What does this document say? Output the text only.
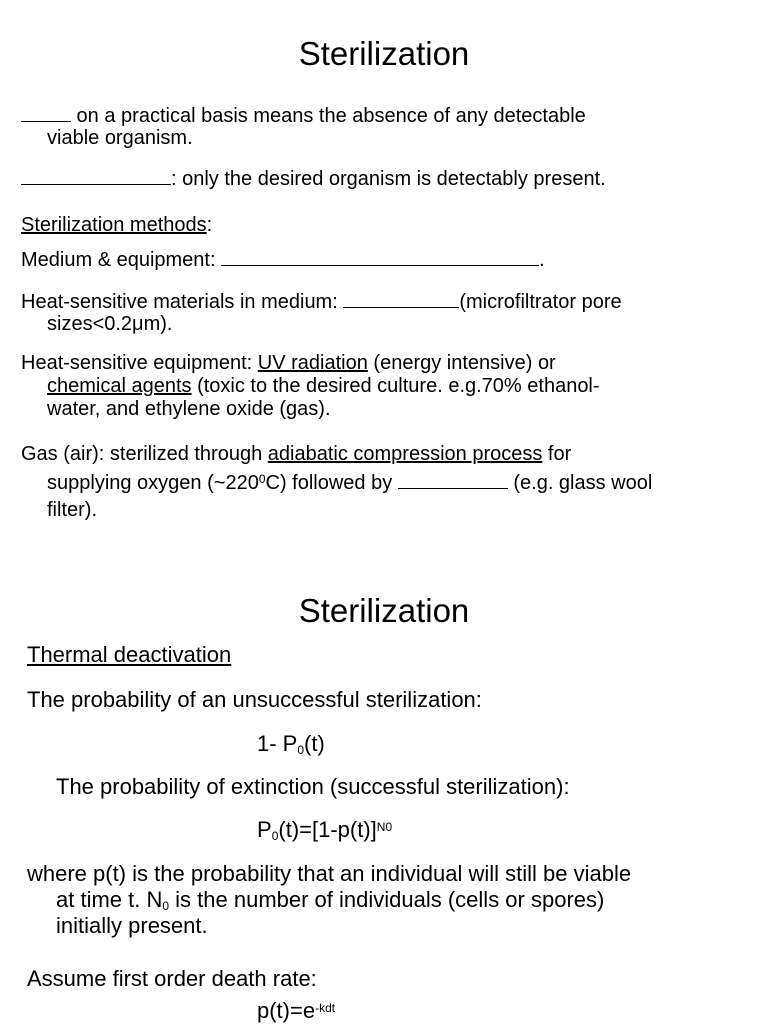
Sterilization
on a practical basis means the absence of any detectable
viable organism.
: only the desired organism is detectably present.
Sterilization methods:
Medium & equipment:	.
Heat-sensitive materials in medium:	(microfiltrator pore
sizes<0.2μm).
Heat-sensitive equipment: UV radiation (energy intensive) or
chemical agents (toxic to the desired culture. e.g.70% ethanol-
water, and ethylene oxide (gas).
Gas (air): sterilized through adiabatic compression process for
supplying oxygen $(\sim 220^0C)$ followed by	(e.g. glass wool
filter).
Sterilization
Thermal deactivation
The probability of an unsuccessful sterilization:
1- $P_0(t)$
The probability of extinction (successful sterilization):
$P_0(t)=[1-p(t)]^{N0}$
where p(t) is the probability that an individual will still be viable
at time t. $N_0$ is the number of individuals (cells or spores)
initially present.
Assume first order death rate:
$p(t)=e^{-kdt}$
